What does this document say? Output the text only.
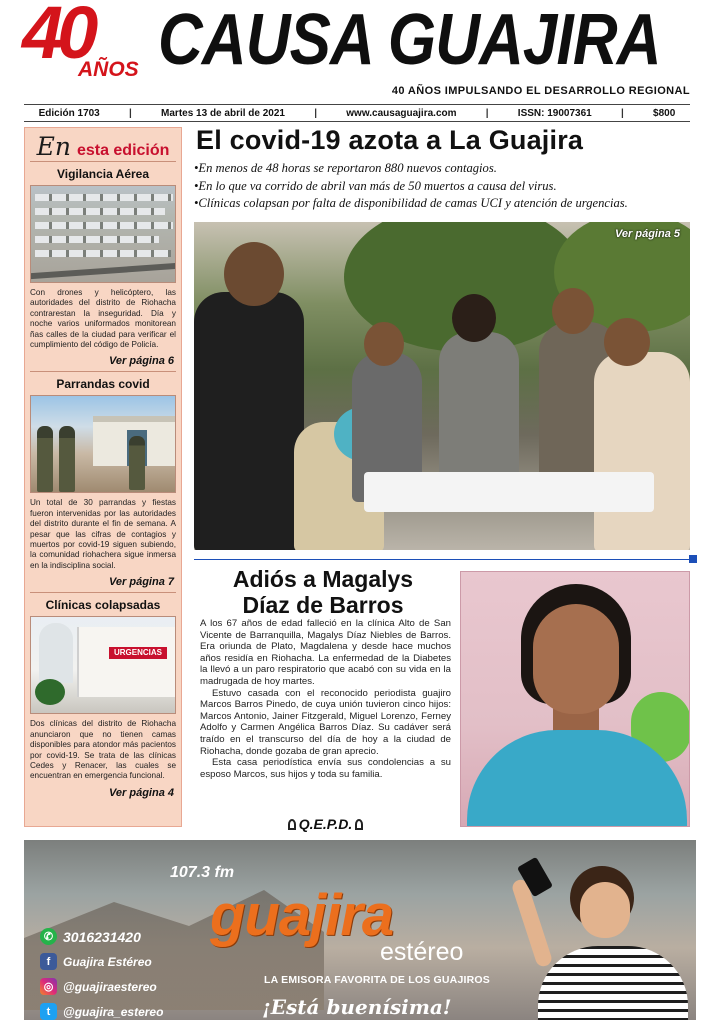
40
AÑOS CAUSA GUAJIRA
40 AÑOS IMPULSANDO EL DESARROLLO REGIONAL
Edición 1703	|	Martes 13 de abril de 2021	|	www.causaguajira.com	|	ISSN: 19007361	|	$800
En esta edición
Vigilancia Aérea
Con drones y helicóptero, las autoridades del distrito de Riohacha contrarestan la inseguridad. Día y noche varios uniformados monitorean ñas calles de la ciudad para verificar el cumplimiento del código de Policía.
Ver página 6
Parrandas covid
Un total de 30 parrandas y fiestas fueron intervenidas por las autoridades del distrito durante el fin de semana. A pesar que las cifras de contagios y muertos por covid-19 siguen subiendo, la comunidad riohachera sigue inmersa en la indisciplina social.
Ver página 7
Clínicas colapsadas
URGENCIAS
Dos clínicas del distrito de Riohacha anunciaron que no tienen camas disponibles para atondor más pacientos por covid-19. Se trata de las clínicas Cedes y Renacer, las cuales se encuentran en emergencia funcional.
Ver página 4
El covid-19 azota a La Guajira
•En menos de 48 horas se reportaron 880 nuevos contagios.
•En lo que va corrido de abril van más de 50 muertos a causa del virus.
•Clínicas colapsan por falta de disponibilidad de camas UCI y atención de urgencias.
Ver página 5
Adiós a Magalys
Díaz de Barros

A los 67 años de edad falleció en la clínica Alto de San Vicente de Barranquilla, Magalys Díaz Niebles de Barros. Era oriunda de Plato, Magdalena y desde hace muchos años residía en Riohacha. La enfermedad de la Diabetes la llevó a un paro respiratorio que acabó con su vida en la madrugada de hoy martes.

Estuvo casada con el reconocido periodista guajiro Marcos Barros Pinedo, de cuya unión tuvieron cinco hijos: Marcos Antonio, Jainer Fitzgerald, Miguel Lorenzo, Ferney Adolfo y Carmen Angélica Barros Díaz. Su cadáver será traído en el transcurso del día de hoy a la ciudad de Riohacha, donde gozaba de gran aprecio.

Esta casa periodística envía sus condolencias a su esposo Marcos, sus hijos y toda su familia.

Q.E.P.D.
107.3 fm
guajira
estéreo
LA EMISORA FAVORITA DE LOS GUAJIROS
¡Está buenísima!
✆ 3016231420
f	Guajira Estéreo
◎ @guajiraestereo
t	@guajira_estereo
